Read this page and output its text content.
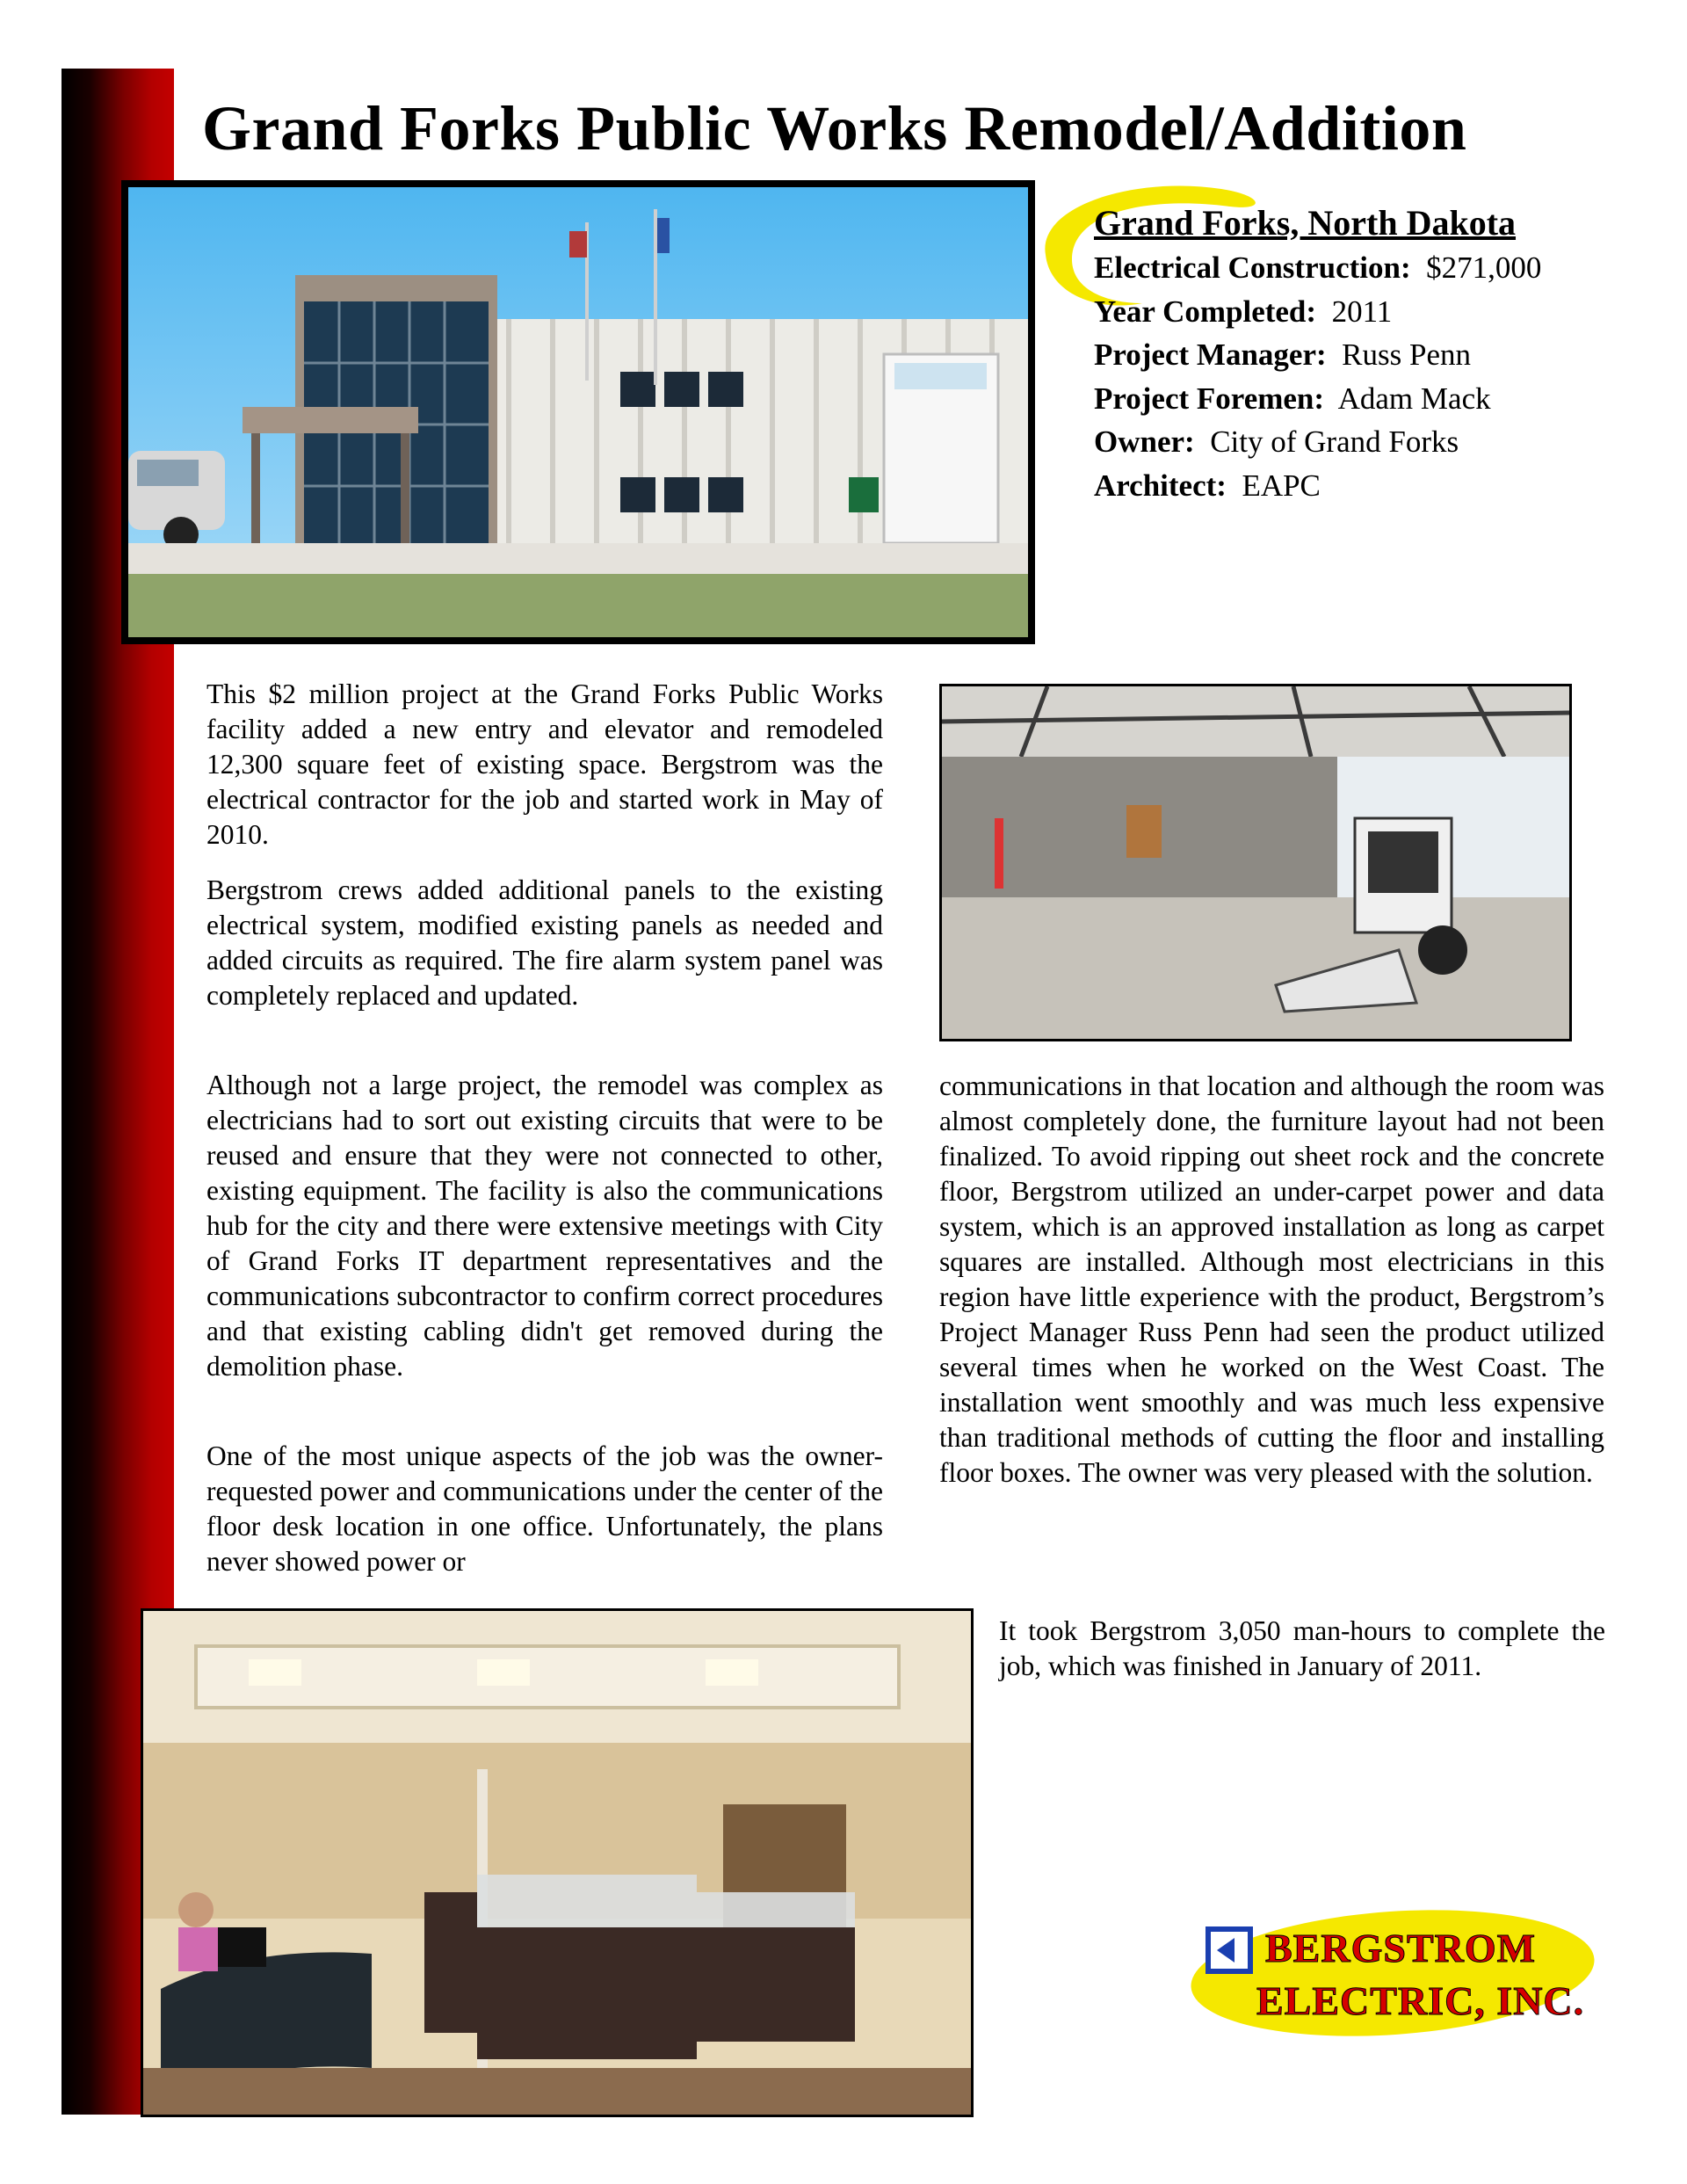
Grand Forks Public Works Remodel/Addition
Grand Forks, North Dakota
Electrical Construction: $271,000
Year Completed: 2011
Project Manager: Russ Penn
Project Foremen: Adam Mack
Owner: City of Grand Forks
Architect: EAPC

This $2 million project at the Grand Forks Public Works facility added a new entry and elevator and remodeled 12,300 square feet of existing space. Bergstrom was the electrical contractor for the job and started work in May of 2010.

Bergstrom crews added additional panels to the existing electrical system, modified existing panels as needed and added circuits as required. The fire alarm system panel was completely replaced and updated.

Although not a large project, the remodel was complex as electricians had to sort out existing circuits that were to be reused and ensure that they were not connected to other, existing equipment. The facility is also the communications hub for the city and there were extensive meetings with City of Grand Forks IT department representatives and the communications subcontractor to confirm correct procedures and that existing cabling didn't get removed during the demolition phase.

One of the most unique aspects of the job was the owner-requested power and communications under the center of the floor desk location in one office. Unfortunately, the plans never showed power or

communications in that location and although the room was almost completely done, the furniture layout had not been finalized. To avoid ripping out sheet rock and the concrete floor, Bergstrom utilized an under-carpet power and data system, which is an approved installation as long as carpet squares are installed. Although most electricians in this region have little experience with the product, Bergstrom’s Project Manager Russ Penn had seen the product utilized several times when he worked on the West Coast. The installation went smoothly and was much less expensive than traditional methods of cutting the floor and installing floor boxes. The owner was very pleased with the solution.

It took Bergstrom 3,050 man-hours to complete the job, which was finished in January of 2011.

BERGSTROM
ELECTRIC, INC.
